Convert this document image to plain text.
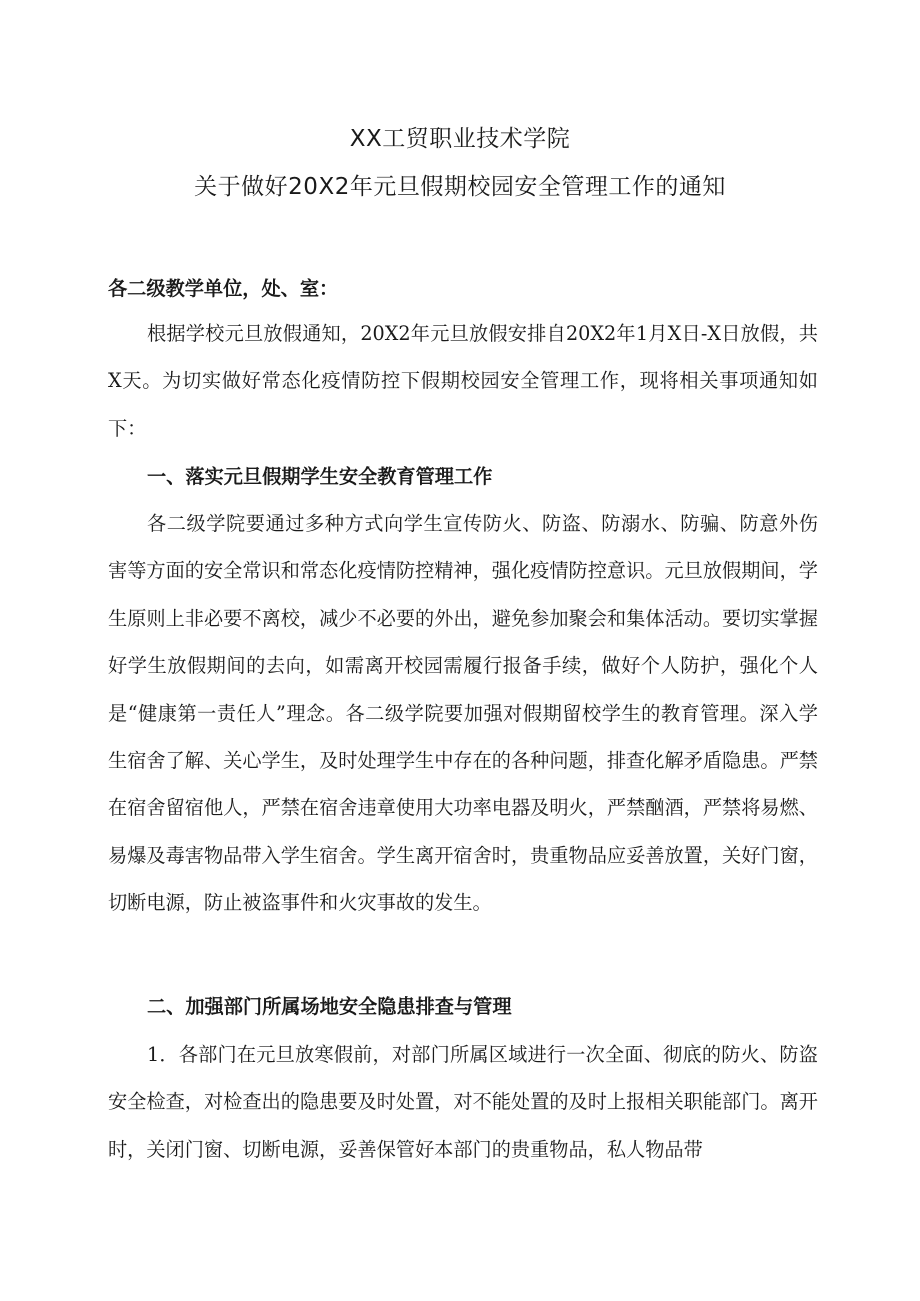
XX工贸职业技术学院
关于做好20X2年元旦假期校园安全管理工作的通知
各二级教学单位，处、室：
根据学校元旦放假通知，20X2年元旦放假安排自20X2年1月X日-X日放假，共X天。为切实做好常态化疫情防控下假期校园安全管理工作，现将相关事项通知如下：
一、落实元旦假期学生安全教育管理工作
各二级学院要通过多种方式向学生宣传防火、防盗、防溺水、防骗、防意外伤害等方面的安全常识和常态化疫情防控精神，强化疫情防控意识。元旦放假期间，学生原则上非必要不离校，减少不必要的外出，避免参加聚会和集体活动。要切实掌握好学生放假期间的去向，如需离开校园需履行报备手续，做好个人防护，强化个人是“健康第一责任人”理念。各二级学院要加强对假期留校学生的教育管理。深入学生宿舍了解、关心学生，及时处理学生中存在的各种问题，排查化解矛盾隐患。严禁在宿舍留宿他人，严禁在宿舍违章使用大功率电器及明火，严禁酗酒，严禁将易燃、易爆及毒害物品带入学生宿舍。学生离开宿舍时，贵重物品应妥善放置，关好门窗，切断电源，防止被盗事件和火灾事故的发生。
二、加强部门所属场地安全隐患排查与管理
1．各部门在元旦放寒假前，对部门所属区域进行一次全面、彻底的防火、防盗安全检查，对检查出的隐患要及时处置，对不能处置的及时上报相关职能部门。离开时，关闭门窗、切断电源，妥善保管好本部门的贵重物品，私人物品带
